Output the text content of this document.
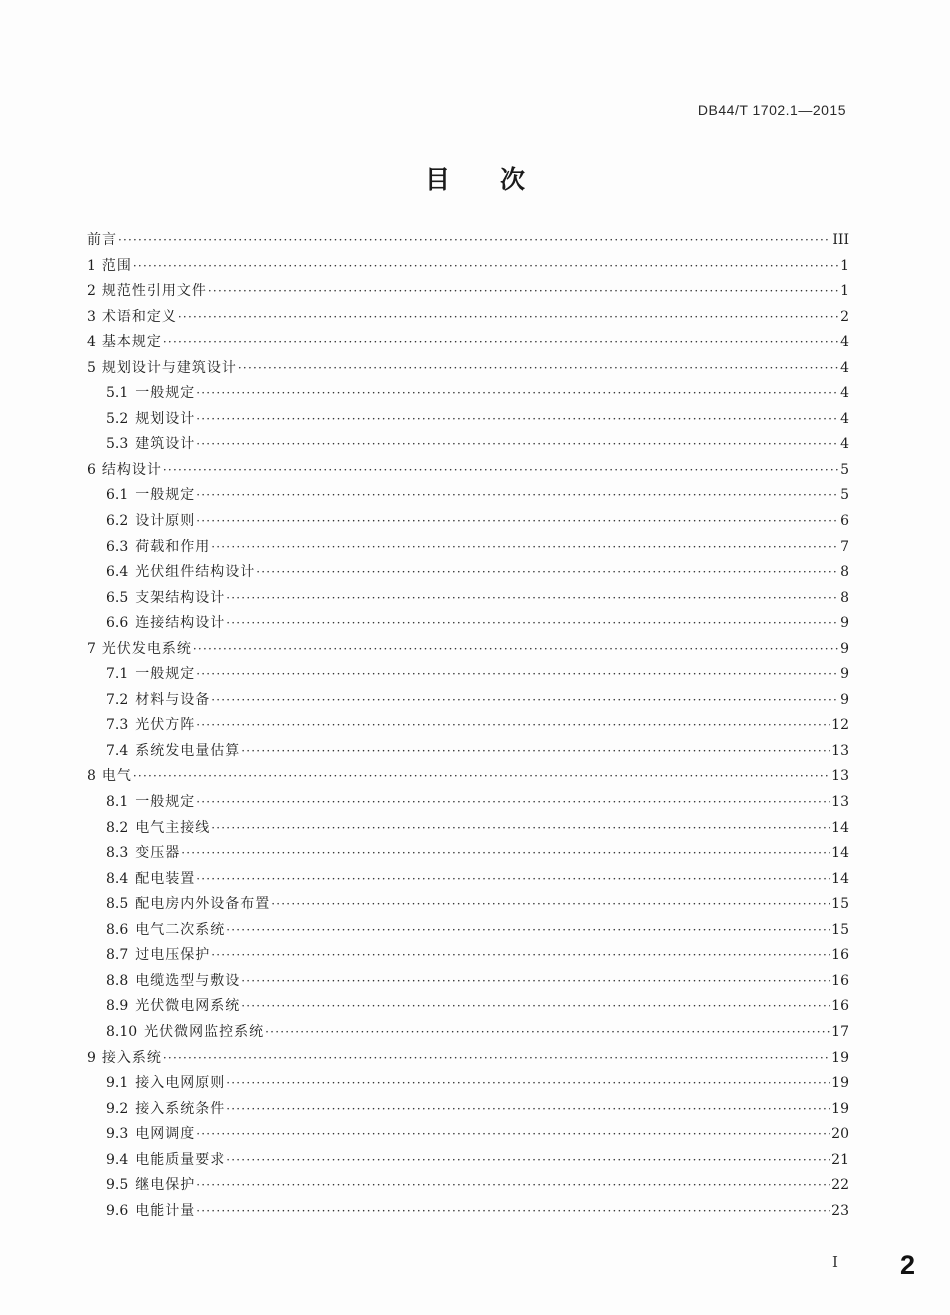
DB44/T 1702.1—2015
目次
前言 ·····	III
1 范围 ·····	1
2 规范性引用文件 ·····	1
3 术语和定义 ·····	2
4 基本规定 ·····	4
5 规划设计与建筑设计 ·····	4
5.1 一般规定 ·····	4
5.2 规划设计 ·····	4
5.3 建筑设计 ·····	4
6 结构设计 ·····	5
6.1 一般规定 ·····	5
6.2 设计原则 ·····	6
6.3 荷载和作用 ·····	7
6.4 光伏组件结构设计 ·····	8
6.5 支架结构设计 ·····	8
6.6 连接结构设计 ·····	9
7 光伏发电系统 ·····	9
7.1 一般规定 ·····	9
7.2 材料与设备 ·····	9
7.3 光伏方阵 ·····	12
7.4 系统发电量估算 ·····	13
8 电气 ·····	13
8.1 一般规定 ·····	13
8.2 电气主接线 ·····	14
8.3 变压器 ·····	14
8.4 配电装置 ·····	14
8.5 配电房内外设备布置 ·····	15
8.6 电气二次系统 ·····	15
8.7 过电压保护 ·····	16
8.8 电缆选型与敷设 ·····	16
8.9 光伏微电网系统 ·····	16
8.10 光伏微网监控系统 ·····	17
9 接入系统 ·····	19
9.1 接入电网原则 ·····	19
9.2 接入系统条件 ·····	19
9.3 电网调度 ·····	20
9.4 电能质量要求 ·····	21
9.5 继电保护 ·····	22
9.6 电能计量 ·····	23
I 2
